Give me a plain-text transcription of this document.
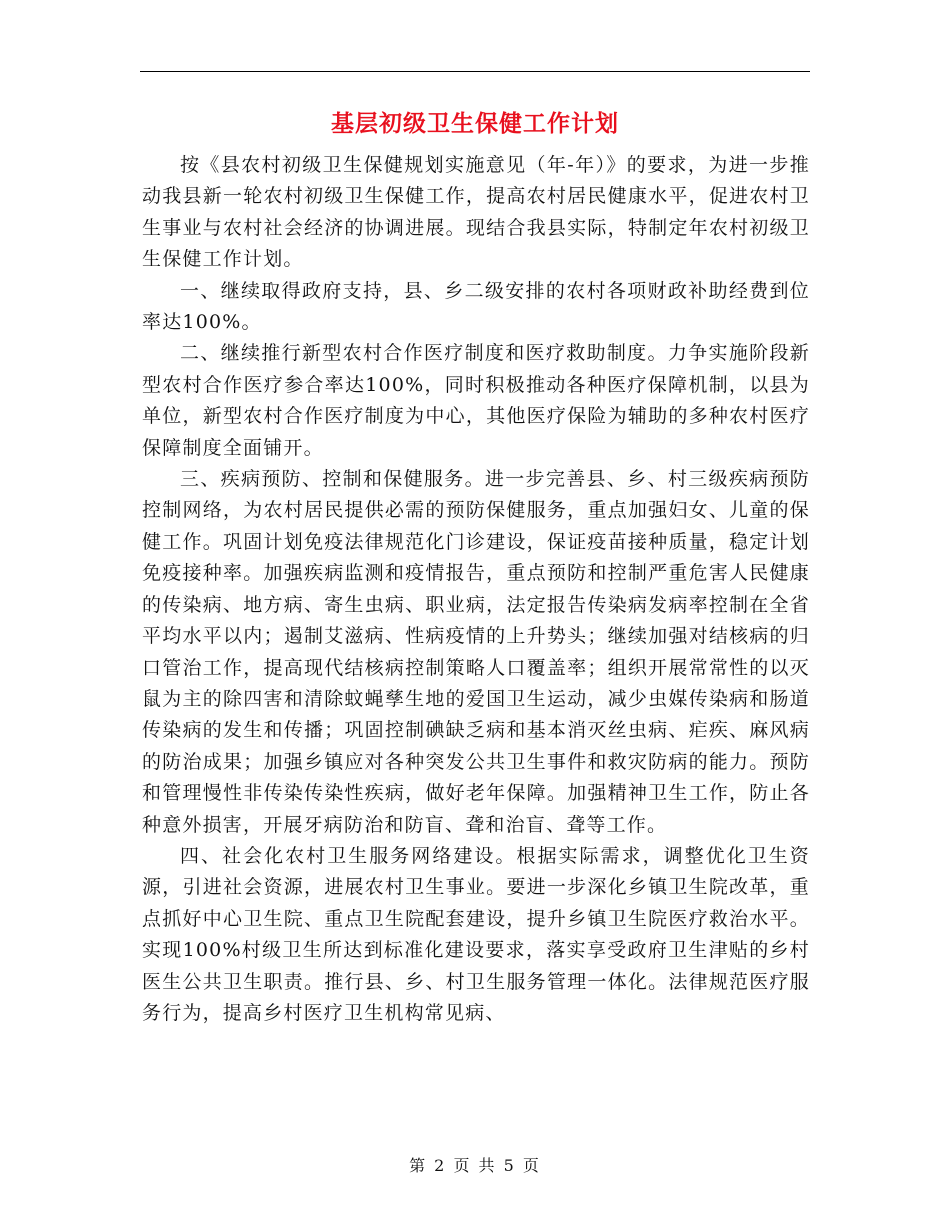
基层初级卫生保健工作计划

按《县农村初级卫生保健规划实施意见（年-年）》的要求，为进一步推动我县新一轮农村初级卫生保健工作，提高农村居民健康水平，促进农村卫生事业与农村社会经济的协调进展。现结合我县实际，特制定年农村初级卫生保健工作计划。

一、继续取得政府支持，县、乡二级安排的农村各项财政补助经费到位率达100%。

二、继续推行新型农村合作医疗制度和医疗救助制度。力争实施阶段新型农村合作医疗参合率达100%，同时积极推动各种医疗保障机制，以县为单位，新型农村合作医疗制度为中心，其他医疗保险为辅助的多种农村医疗保障制度全面铺开。

三、疾病预防、控制和保健服务。进一步完善县、乡、村三级疾病预防控制网络，为农村居民提供必需的预防保健服务，重点加强妇女、儿童的保健工作。巩固计划免疫法律规范化门诊建设，保证疫苗接种质量，稳定计划免疫接种率。加强疾病监测和疫情报告，重点预防和控制严重危害人民健康的传染病、地方病、寄生虫病、职业病，法定报告传染病发病率控制在全省平均水平以内；遏制艾滋病、性病疫情的上升势头；继续加强对结核病的归口管治工作，提高现代结核病控制策略人口覆盖率；组织开展常常性的以灭鼠为主的除四害和清除蚊蝇孳生地的爱国卫生运动，减少虫媒传染病和肠道传染病的发生和传播；巩固控制碘缺乏病和基本消灭丝虫病、疟疾、麻风病的防治成果；加强乡镇应对各种突发公共卫生事件和救灾防病的能力。预防和管理慢性非传染传染性疾病，做好老年保障。加强精神卫生工作，防止各种意外损害，开展牙病防治和防盲、聋和治盲、聋等工作。

四、社会化农村卫生服务网络建设。根据实际需求，调整优化卫生资源，引进社会资源，进展农村卫生事业。要进一步深化乡镇卫生院改革，重点抓好中心卫生院、重点卫生院配套建设，提升乡镇卫生院医疗救治水平。实现100%村级卫生所达到标准化建设要求，落实享受政府卫生津贴的乡村医生公共卫生职责。推行县、乡、村卫生服务管理一体化。法律规范医疗服务行为，提高乡村医疗卫生机构常见病、

第 2 页 共 5 页
